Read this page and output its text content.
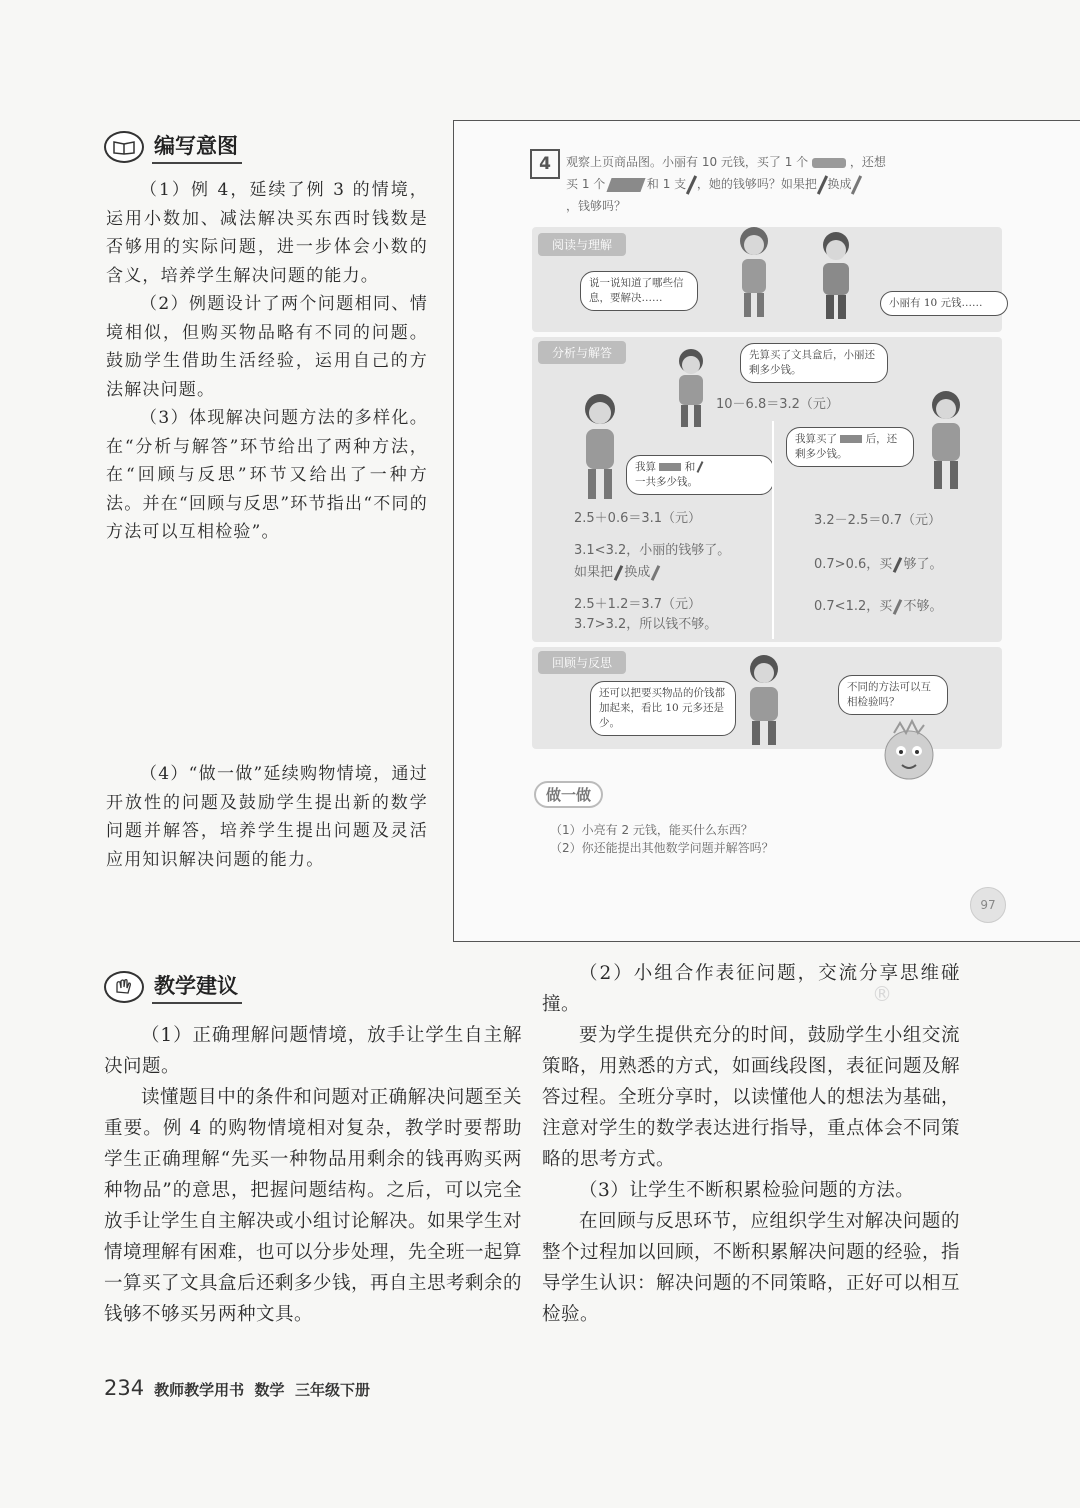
编写意图

（1）例 4，延续了例 3 的情境，运用小数加、减法解决买东西时钱数是否够用的实际问题，进一步体会小数的含义，培养学生解决问题的能力。

（2）例题设计了两个问题相同、情境相似，但购买物品略有不同的问题。鼓励学生借助生活经验，运用自己的方法解决问题。

（3）体现解决问题方法的多样化。在“分析与解答”环节给出了两种方法，在“回顾与反思”环节又给出了一种方法。并在“回顾与反思”环节指出“不同的方法可以互相检验”。

（4）“做一做”延续购物情境，通过开放性的问题及鼓励学生提出新的数学问题并解答，培养学生提出问题及灵活应用知识解决问题的能力。

4	观察上页商品图。小丽有 10 元钱，买了 1 个	，还想
买 1 个	和 1 支 ，她的钱够吗？如果把 换成
，钱够吗？
阅读与理解
说一说知道了哪些信息，要解决……	小丽有 10 元钱……
分析与解答	先算买了文具盒后，小丽还剩多少钱。
10－6.8＝3.2（元）
我算	和
一共多少钱。
我算买了	后，还剩多少钱。
2.5＋0.6＝3.1（元）
3.1<3.2，小丽的钱够了。
如果把 换成
2.5＋1.2＝3.7（元）
3.7>3.2，所以钱不够。
3.2－2.5＝0.7（元）
0.7>0.6，买 够了。
0.7<1.2，买 不够。
回顾与反思
还可以把要买物品的价钱都加起来，看比 10 元多还是少。
不同的方法可以互相检验吗？
做一做
（1）小亮有 2 元钱，能买什么东西？
（2）你还能提出其他数学问题并解答吗？
97
®
教学建议

（1）正确理解问题情境，放手让学生自主解决问题。

读懂题目中的条件和问题对正确解决问题至关重要。例 4 的购物情境相对复杂，教学时要帮助学生正确理解“先买一种物品用剩余的钱再购买两种物品”的意思，把握问题结构。之后，可以完全放手让学生自主解决或小组讨论解决。如果学生对情境理解有困难，也可以分步处理，先全班一起算一算买了文具盒后还剩多少钱，再自主思考剩余的钱够不够买另两种文具。

（2）小组合作表征问题，交流分享思维碰撞。

要为学生提供充分的时间，鼓励学生小组交流策略，用熟悉的方式，如画线段图，表征问题及解答过程。全班分享时，以读懂他人的想法为基础，注意对学生的数学表达进行指导，重点体会不同策略的思考方式。

（3）让学生不断积累检验问题的方法。

在回顾与反思环节，应组织学生对解决问题的整个过程加以回顾，不断积累解决问题的经验，指导学生认识：解决问题的不同策略，正好可以相互检验。

234 教师教学用书  数学  三年级下册
